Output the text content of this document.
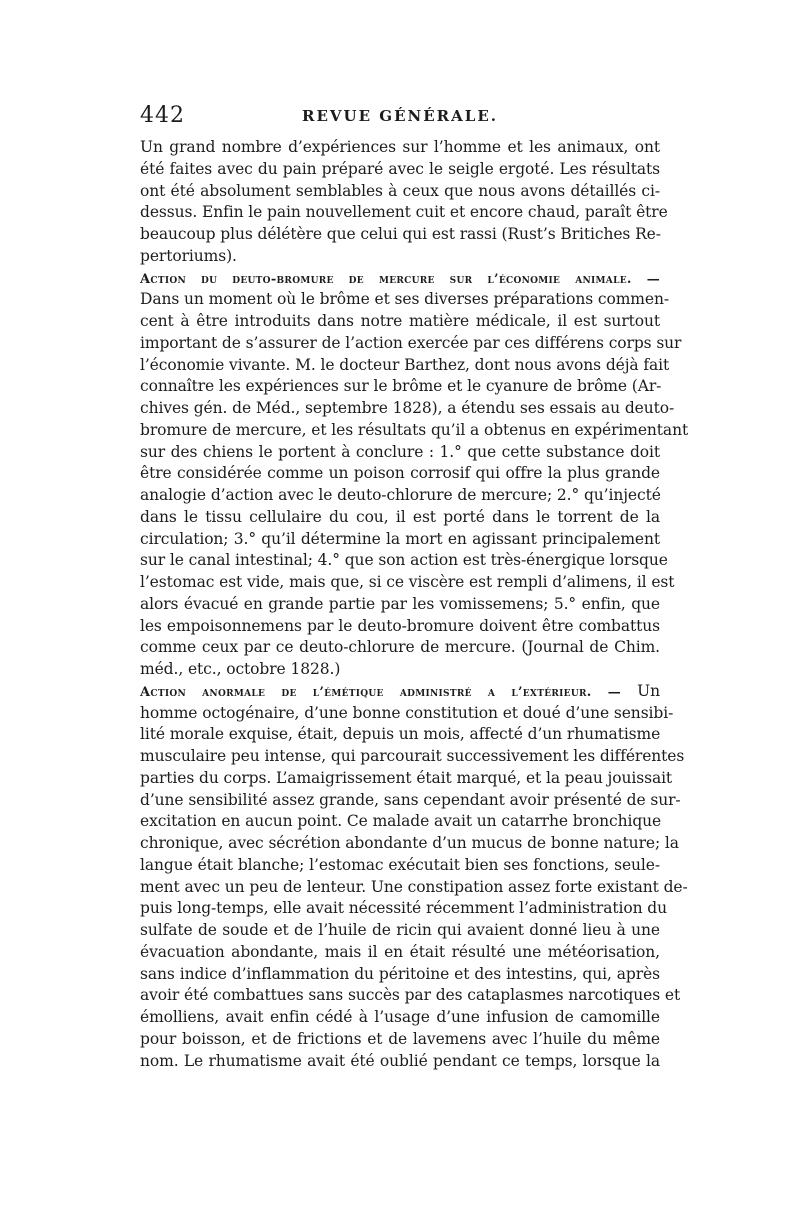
442	REVUE GÉNÉRALE.
Un grand nombre d’expériences sur l’homme et les animaux, ont
été faites avec du pain préparé avec le seigle ergoté. Les résultats
ont été absolument semblables à ceux que nous avons détaillés ci-
dessus. Enfin le pain nouvellement cuit et encore chaud, paraît être
beaucoup plus délétère que celui qui est rassi (Rust’s Britiches Re-
pertoriums).
Action du deuto-bromure de mercure sur l’économie animale. —
Dans un moment où le brôme et ses diverses préparations commen-
cent à être introduits dans notre matière médicale, il est surtout
important de s’assurer de l’action exercée par ces différens corps sur
l’économie vivante. M. le docteur Barthez, dont nous avons déjà fait
connaître les expériences sur le brôme et le cyanure de brôme (Ar-
chives gén. de Méd., septembre 1828), a étendu ses essais au deuto-
bromure de mercure, et les résultats qu’il a obtenus en expérimentant
sur des chiens le portent à conclure : 1.° que cette substance doit
être considérée comme un poison corrosif qui offre la plus grande
analogie d’action avec le deuto-chlorure de mercure; 2.° qu’injecté
dans le tissu cellulaire du cou, il est porté dans le torrent de la
circulation; 3.° qu’il détermine la mort en agissant principalement
sur le canal intestinal; 4.° que son action est très-énergique lorsque
l’estomac est vide, mais que, si ce viscère est rempli d’alimens, il est
alors évacué en grande partie par les vomissemens; 5.° enfin, que
les empoisonnemens par le deuto-bromure doivent être combattus
comme ceux par ce deuto-chlorure de mercure. (Journal de Chim.
méd., etc., octobre 1828.)
Action anormale de l’émétique administré a l’extérieur. — Un
homme octogénaire, d’une bonne constitution et doué d’une sensibi-
lité morale exquise, était, depuis un mois, affecté d’un rhumatisme
musculaire peu intense, qui parcourait successivement les différentes
parties du corps. L’amaigrissement était marqué, et la peau jouissait
d’une sensibilité assez grande, sans cependant avoir présenté de sur-
excitation en aucun point. Ce malade avait un catarrhe bronchique
chronique, avec sécrétion abondante d’un mucus de bonne nature; la
langue était blanche; l’estomac exécutait bien ses fonctions, seule-
ment avec un peu de lenteur. Une constipation assez forte existant de-
puis long-temps, elle avait nécessité récemment l’administration du
sulfate de soude et de l’huile de ricin qui avaient donné lieu à une
évacuation abondante, mais il en était résulté une météorisation,
sans indice d’inflammation du péritoine et des intestins, qui, après
avoir été combattues sans succès par des cataplasmes narcotiques et
émolliens, avait enfin cédé à l’usage d’une infusion de camomille
pour boisson, et de frictions et de lavemens avec l’huile du même
nom. Le rhumatisme avait été oublié pendant ce temps, lorsque la
